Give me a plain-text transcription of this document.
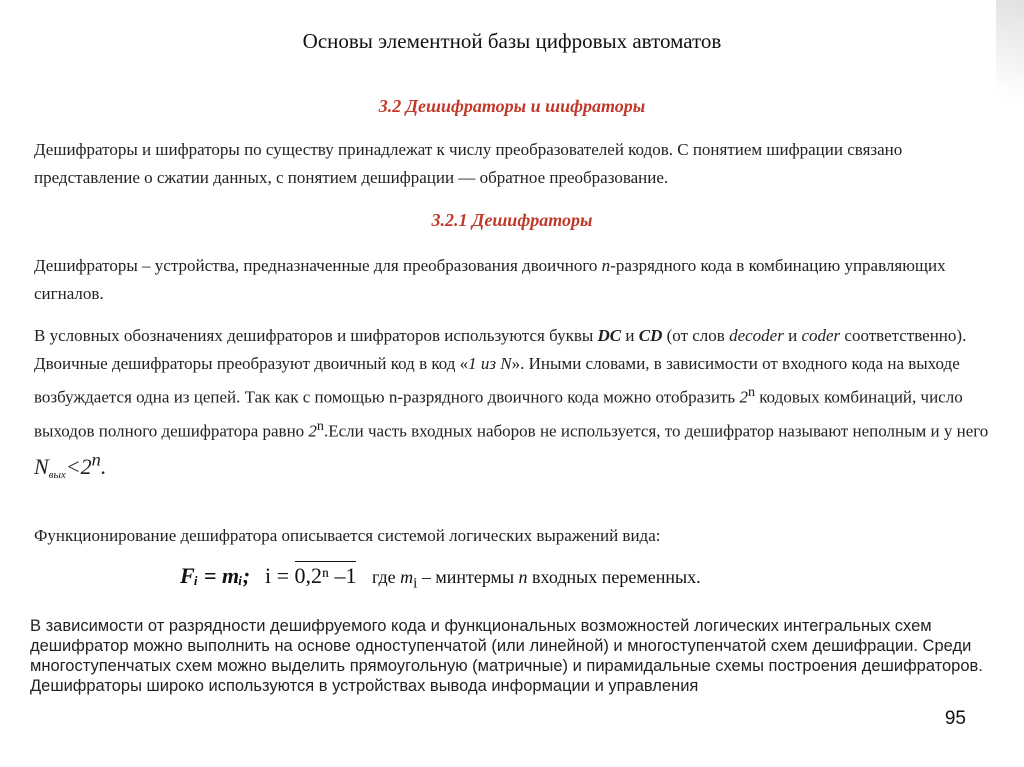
Основы элементной базы цифровых автоматов
3.2 Дешифраторы и шифраторы
Дешифраторы и шифраторы по существу принадлежат к числу преобразователей кодов. С понятием шифрации связано представление о сжатии данных, с понятием дешифрации — обратное преобразование.
3.2.1 Дешифраторы
Дешифраторы – устройства, предназначенные для преобразования двоичного n-разрядного кода в комбинацию управляющих сигналов.
В условных обозначениях дешифраторов и шифраторов используются буквы DC и CD (от слов decoder и coder соответственно). Двоичные дешифраторы преобразуют двоичный код в код «1 из N». Иными словами, в зависимости от входного кода на выходе возбуждается одна из цепей. Так как с помощью n-разрядного двоичного кода можно отобразить 2$^n$ кодовых комбинаций, число выходов полного дешифратора равно 2$^n$.Если часть входных наборов не используется, то дешифратор называют неполным и у него $N_{вых}<2^n$.
Функционирование дешифратора описывается системой логических выражений вида:
Fᵢ = mᵢ; i = 0,2ⁿ –1 где $m_i$ – минтермы n входных переменных.
В зависимости от разрядности дешифруемого кода и функциональных возможностей логических интегральных схем дешифратор можно выполнить на основе одноступенчатой (или линейной) и многоступенчатой схем дешифрации. Среди многоступенчатых схем можно выделить прямоугольную (матричные) и пирамидальные схемы построения дешифраторов. Дешифраторы широко используются в устройствах вывода информации и управления
95
